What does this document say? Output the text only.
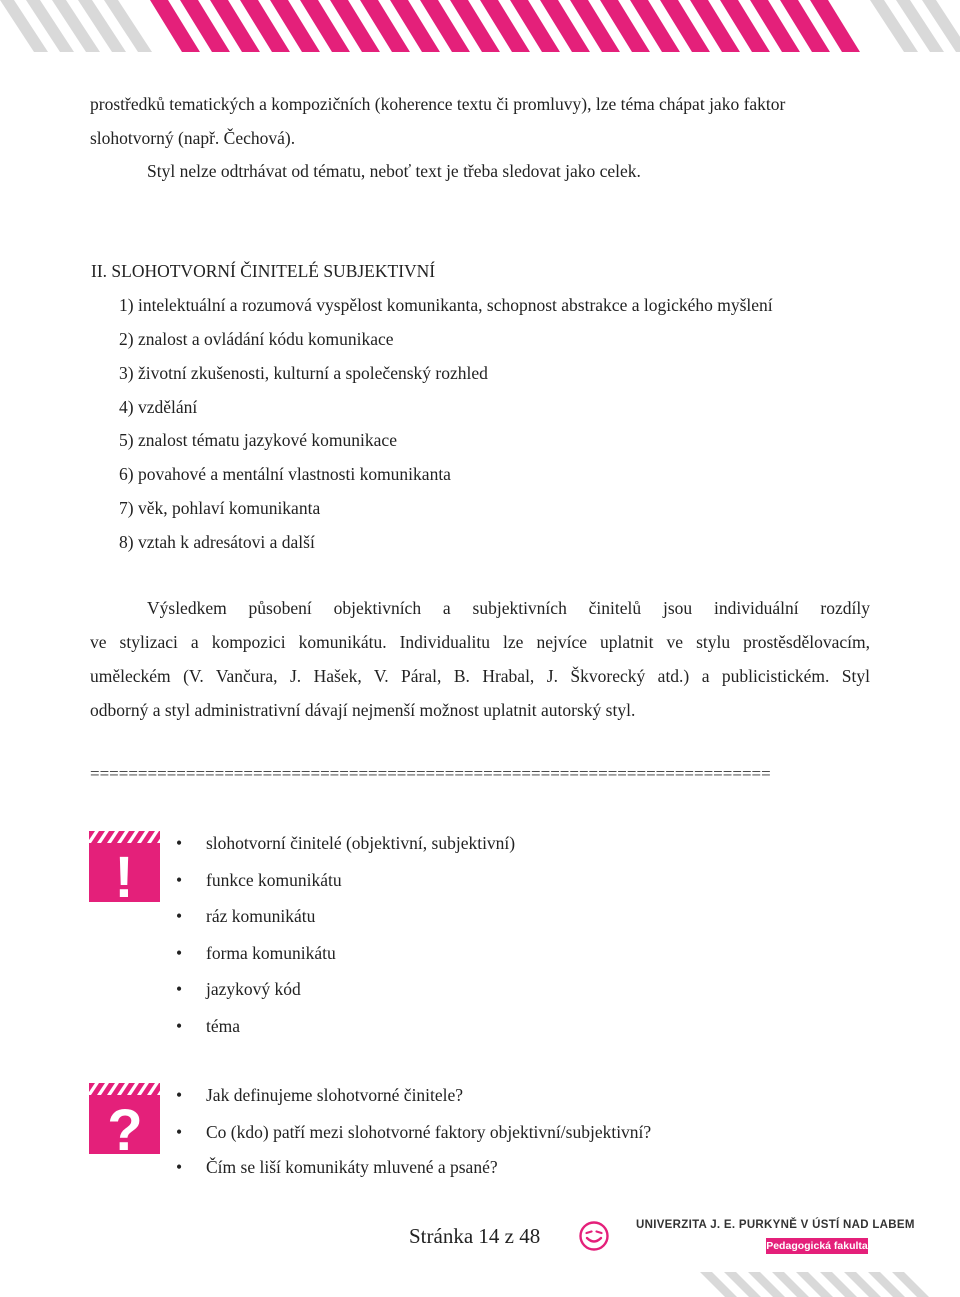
prostředků tematických a kompozičních (koherence textu či promluvy), lze téma chápat jako faktor
slohotvorný (např. Čechová).
Styl nelze odtrhávat od tématu, neboť text je třeba sledovat jako celek.
II. SLOHOTVORNÍ ČINITELÉ SUBJEKTIVNÍ
1) intelektuální a rozumová vyspělost komunikanta, schopnost abstrakce a logického myšlení
2) znalost a ovládání kódu komunikace
3) životní zkušenosti, kulturní a společenský rozhled
4) vzdělání
5) znalost tématu jazykové komunikace
6) povahové a mentální vlastnosti komunikanta
7) věk, pohlaví komunikanta
8) vztah k adresátovi a další
Výsledkem působení objektivních a subjektivních činitelů jsou individuální rozdíly
ve stylizaci a kompozici komunikátu. Individualitu lze nejvíce uplatnit ve stylu prostěsdělovacím,
uměleckém (V. Vančura, J. Hašek, V. Páral, B. Hrabal, J. Škvorecký atd.) a publicistickém. Styl
odborný a styl administrativní dávají nejmenší možnost uplatnit autorský styl.
=======================================================================
!
• slohotvorní činitelé (objektivní, subjektivní)
• funkce komunikátu
• ráz komunikátu
• forma komunikátu
• jazykový kód
• téma
?
• Jak definujeme slohotvorné činitele?
• Co (kdo) patří mezi slohotvorné faktory objektivní/subjektivní?
• Čím se liší komunikáty mluvené a psané?
Stránka 14 z 48	UNIVERZITA J. E. PURKYNĚ V ÚSTÍ NAD LABEM
Pedagogická fakulta
